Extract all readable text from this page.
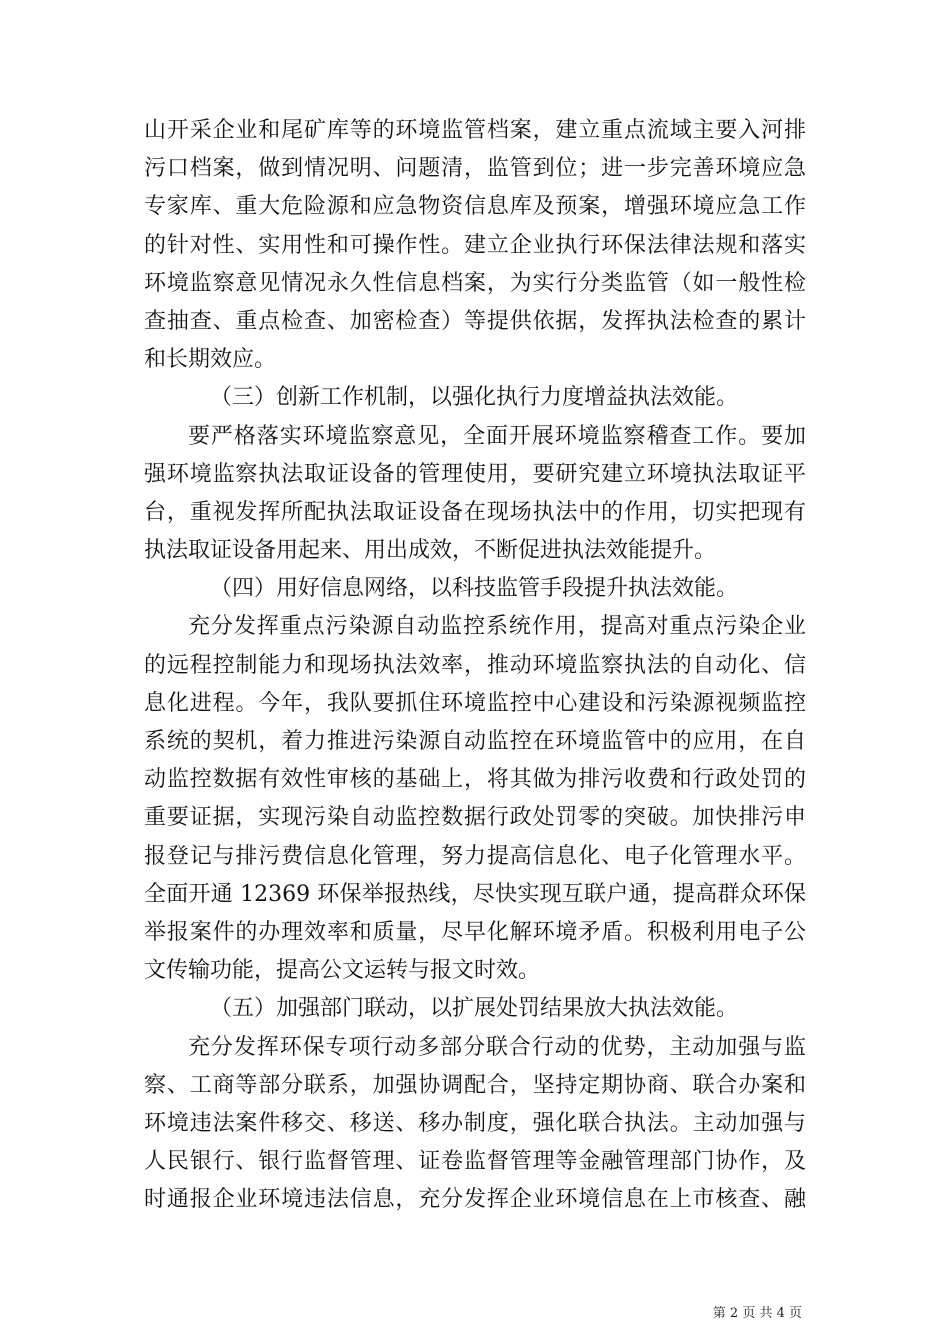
山开采企业和尾矿库等的环境监管档案，建立重点流域主要入河排
污口档案，做到情况明、问题清，监管到位；进一步完善环境应急
专家库、重大危险源和应急物资信息库及预案，增强环境应急工作
的针对性、实用性和可操作性。建立企业执行环保法律法规和落实
环境监察意见情况永久性信息档案，为实行分类监管（如一般性检
查抽查、重点检查、加密检查）等提供依据，发挥执法检查的累计
和长期效应。
（三）创新工作机制，以强化执行力度增益执法效能。
要严格落实环境监察意见，全面开展环境监察稽查工作。要加
强环境监察执法取证设备的管理使用，要研究建立环境执法取证平
台，重视发挥所配执法取证设备在现场执法中的作用，切实把现有
执法取证设备用起来、用出成效，不断促进执法效能提升。
（四）用好信息网络，以科技监管手段提升执法效能。
充分发挥重点污染源自动监控系统作用，提高对重点污染企业
的远程控制能力和现场执法效率，推动环境监察执法的自动化、信
息化进程。今年，我队要抓住环境监控中心建设和污染源视频监控
系统的契机，着力推进污染源自动监控在环境监管中的应用，在自
动监控数据有效性审核的基础上，将其做为排污收费和行政处罚的
重要证据，实现污染自动监控数据行政处罚零的突破。加快排污申
报登记与排污费信息化管理，努力提高信息化、电子化管理水平。
全面开通 12369 环保举报热线，尽快实现互联户通，提高群众环保
举报案件的办理效率和质量，尽早化解环境矛盾。积极利用电子公
文传输功能，提高公文运转与报文时效。
（五）加强部门联动，以扩展处罚结果放大执法效能。
充分发挥环保专项行动多部分联合行动的优势，主动加强与监
察、工商等部分联系，加强协调配合，坚持定期协商、联合办案和
环境违法案件移交、移送、移办制度，强化联合执法。主动加强与
人民银行、银行监督管理、证卷监督管理等金融管理部门协作，及
时通报企业环境违法信息，充分发挥企业环境信息在上市核查、融
第 2 页 共 4 页
